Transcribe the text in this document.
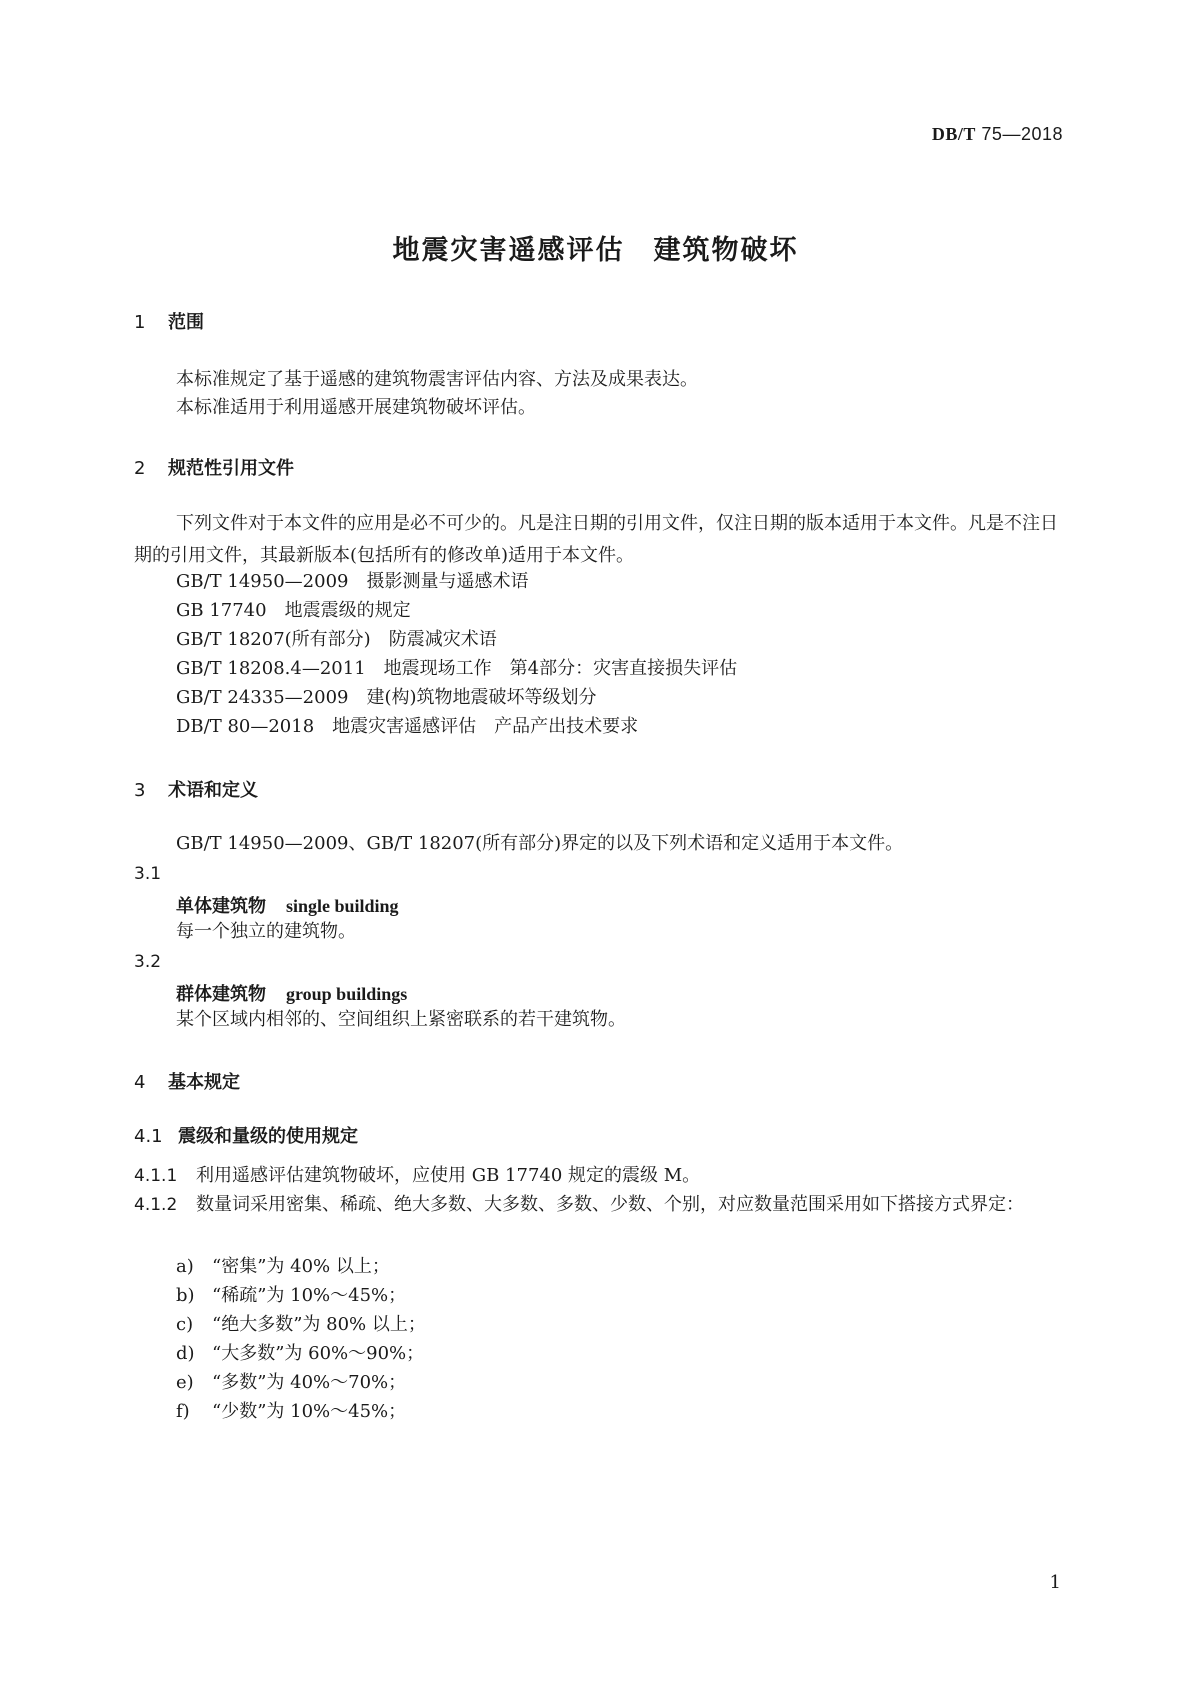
DB/T 75—2018
地震灾害遥感评估　建筑物破坏
1 范围
本标准规定了基于遥感的建筑物震害评估内容、方法及成果表达。
本标准适用于利用遥感开展建筑物破坏评估。
2 规范性引用文件
下列文件对于本文件的应用是必不可少的。凡是注日期的引用文件，仅注日期的版本适用于本文件。凡是不注日期的引用文件，其最新版本(包括所有的修改单)适用于本文件。
GB/T 14950—2009　摄影测量与遥感术语
GB 17740　地震震级的规定
GB/T 18207(所有部分)　防震减灾术语
GB/T 18208.4—2011　地震现场工作　第4部分：灾害直接损失评估
GB/T 24335—2009　建(构)筑物地震破坏等级划分
DB/T 80—2018　地震灾害遥感评估　产品产出技术要求
3 术语和定义
GB/T 14950—2009、GB/T 18207(所有部分)界定的以及下列术语和定义适用于本文件。
3.1
单体建筑物 single building
每一个独立的建筑物。
3.2
群体建筑物 group buildings
某个区域内相邻的、空间组织上紧密联系的若干建筑物。
4 基本规定
4.1 震级和量级的使用规定
4.1.1 利用遥感评估建筑物破坏，应使用 GB 17740 规定的震级 M。
4.1.2 数量词采用密集、稀疏、绝大多数、大多数、多数、少数、个别，对应数量范围采用如下搭接方式界定：
a) “密集”为 40% 以上；
b) “稀疏”为 10%～45%；
c) “绝大多数”为 80% 以上；
d) “大多数”为 60%～90%；
e) “多数”为 40%～70%；
f) “少数”为 10%～45%；
1
